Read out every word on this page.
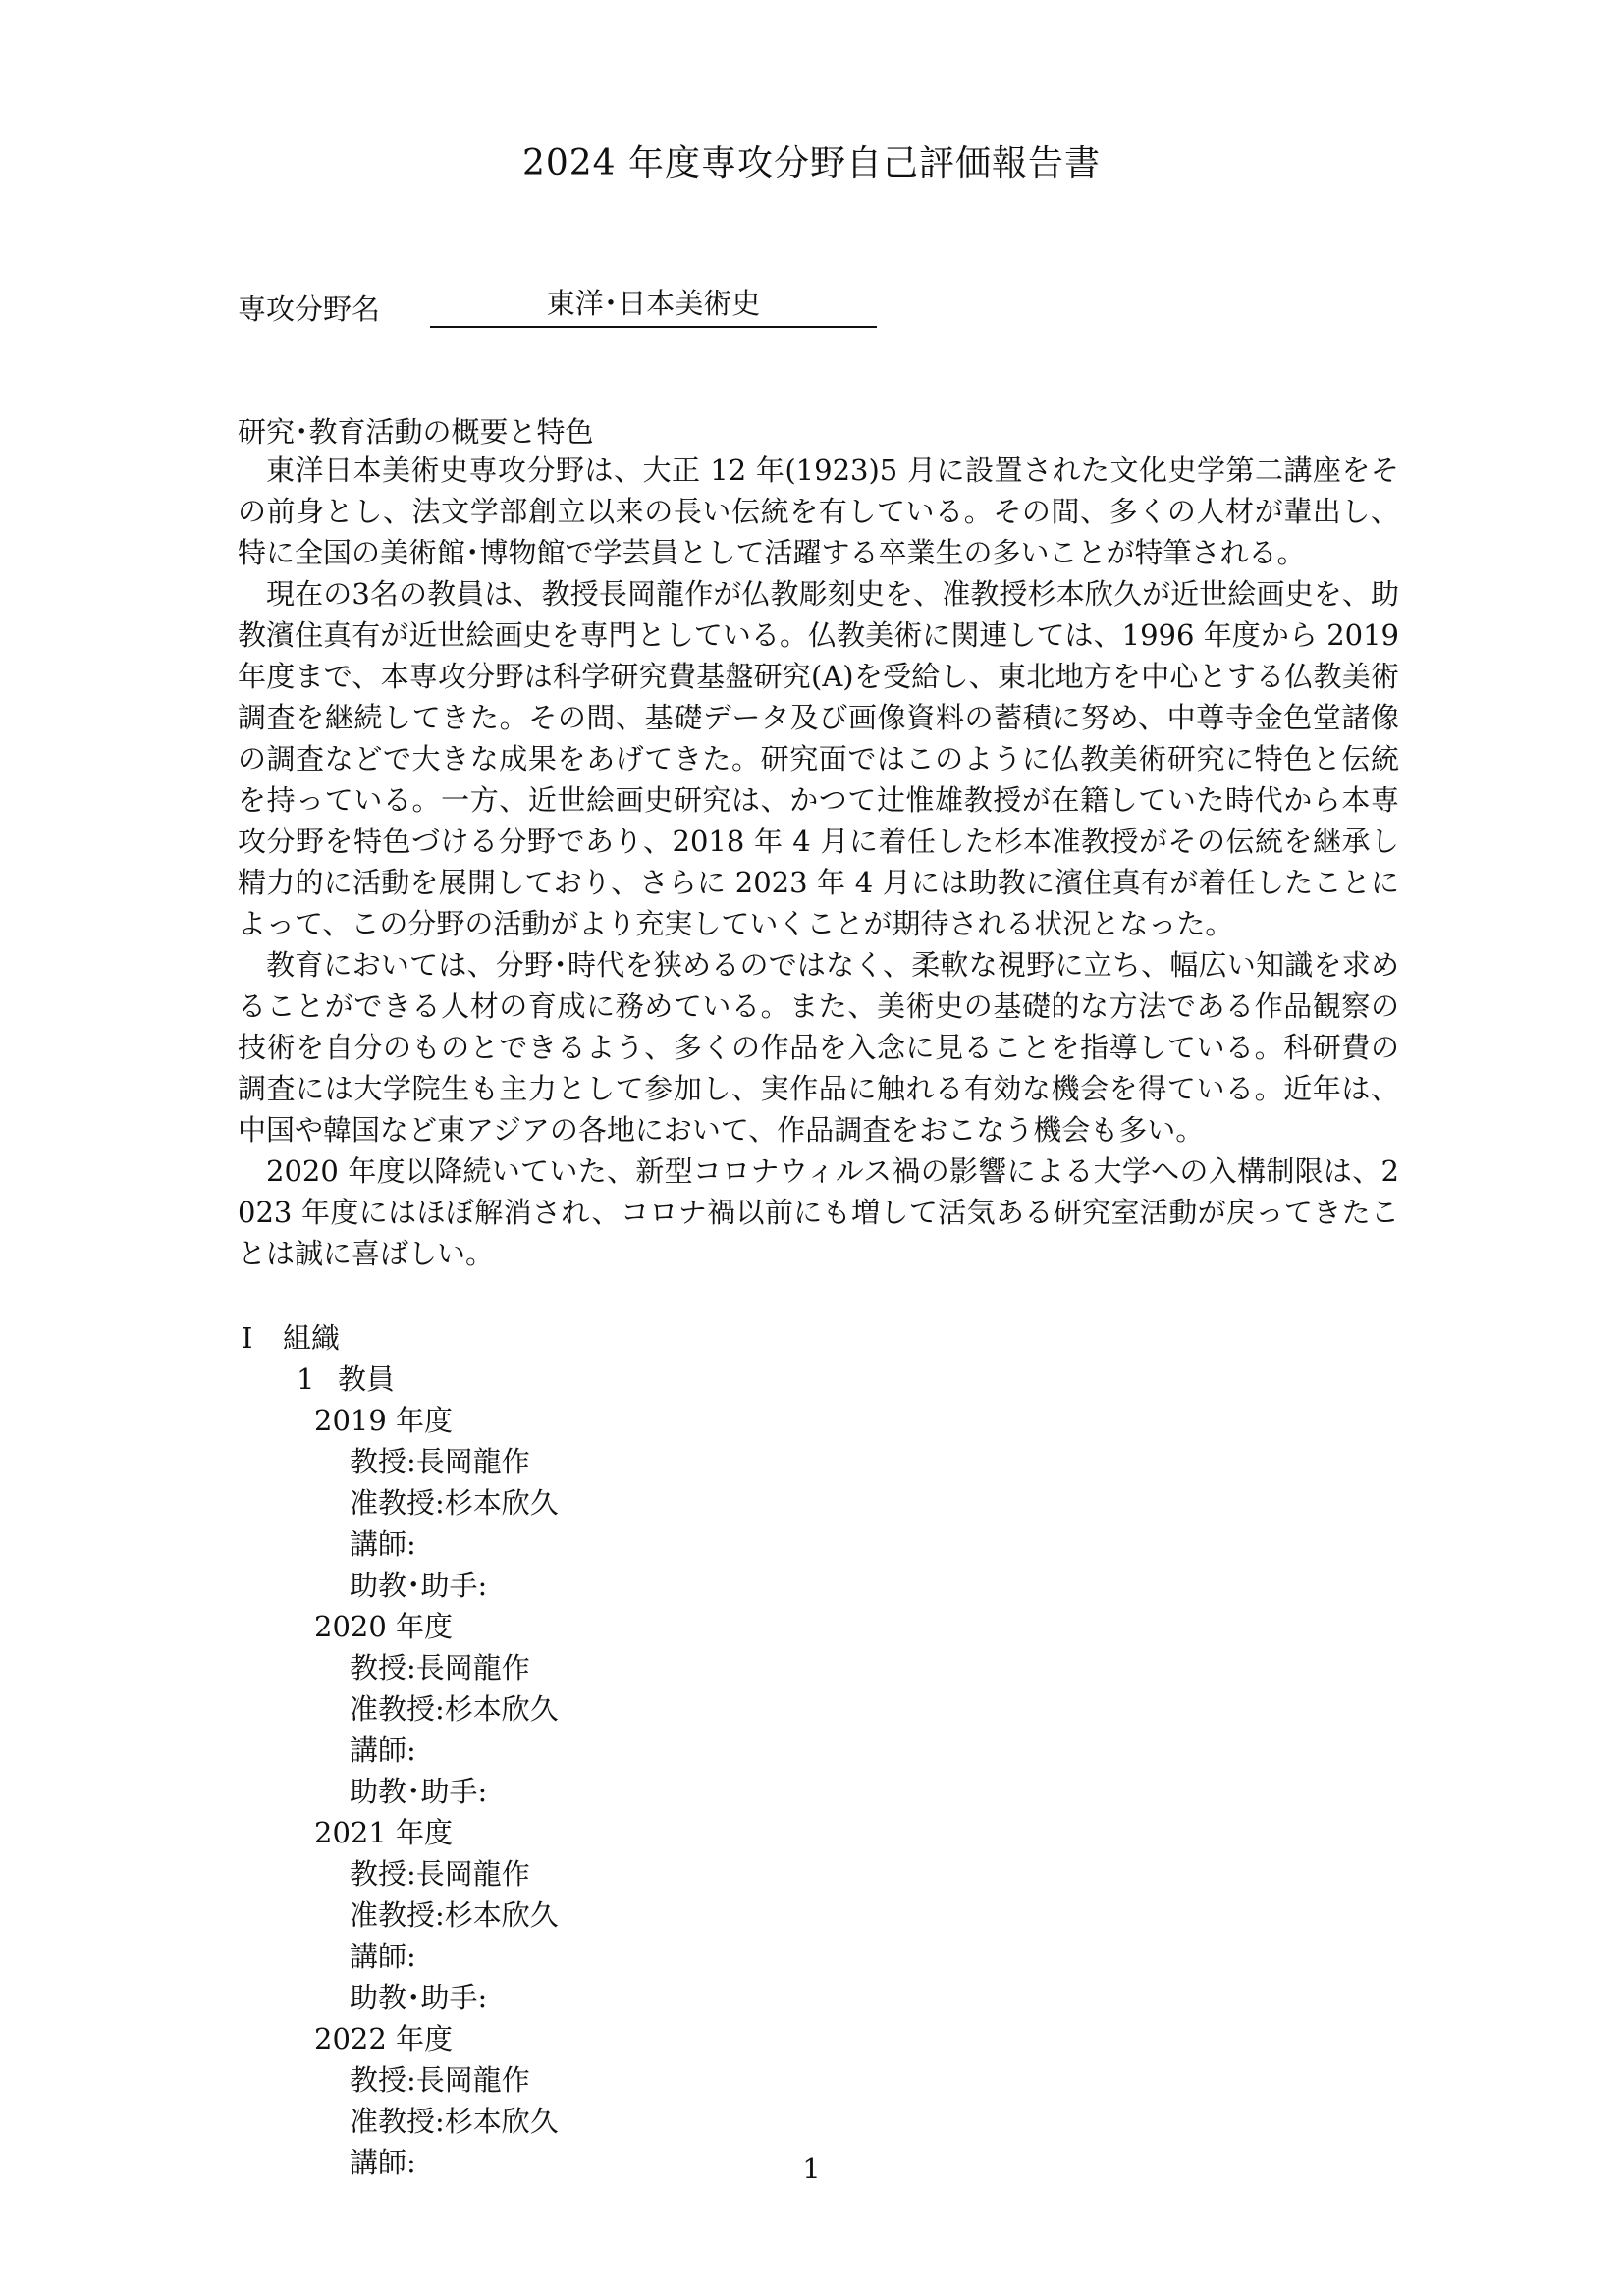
2024 年度専攻分野自己評価報告書
専攻分野名	東洋･日本美術史
研究･教育活動の概要と特色

東洋日本美術史専攻分野は、大正 12 年(1923)5 月に設置された文化史学第二講座をその前身とし、法文学部創立以来の長い伝統を有している。その間、多くの人材が輩出し、特に全国の美術館･博物館で学芸員として活躍する卒業生の多いことが特筆される。

現在の3名の教員は、教授長岡龍作が仏教彫刻史を、准教授杉本欣久が近世絵画史を、助教濱住真有が近世絵画史を専門としている。仏教美術に関連しては、1996 年度から 2019 年度まで、本専攻分野は科学研究費基盤研究(A)を受給し、東北地方を中心とする仏教美術調査を継続してきた。その間、基礎データ及び画像資料の蓄積に努め、中尊寺金色堂諸像の調査などで大きな成果をあげてきた。研究面ではこのように仏教美術研究に特色と伝統を持っている。一方、近世絵画史研究は、かつて辻惟雄教授が在籍していた時代から本専攻分野を特色づける分野であり、2018 年 4 月に着任した杉本准教授がその伝統を継承し精力的に活動を展開しており、さらに 2023 年 4 月には助教に濱住真有が着任したことによって、この分野の活動がより充実していくことが期待される状況となった。

教育においては、分野･時代を狭めるのではなく、柔軟な視野に立ち、幅広い知識を求めることができる人材の育成に務めている。また、美術史の基礎的な方法である作品観察の技術を自分のものとできるよう、多くの作品を入念に見ることを指導している。科研費の調査には大学院生も主力として参加し、実作品に触れる有効な機会を得ている。近年は、中国や韓国など東アジアの各地において、作品調査をおこなう機会も多い。

2020 年度以降続いていた、新型コロナウィルス禍の影響による大学への入構制限は、2023 年度にはほぼ解消され、コロナ禍以前にも増して活気ある研究室活動が戻ってきたことは誠に喜ばしい。

Ⅰ	組織
1 教員
2019 年度
教授:長岡龍作
准教授:杉本欣久
講師:
助教･助手:
2020 年度
教授:長岡龍作
准教授:杉本欣久
講師:
助教･助手:
2021 年度
教授:長岡龍作
准教授:杉本欣久
講師:
助教･助手:
2022 年度
教授:長岡龍作
准教授:杉本欣久
講師:	1
